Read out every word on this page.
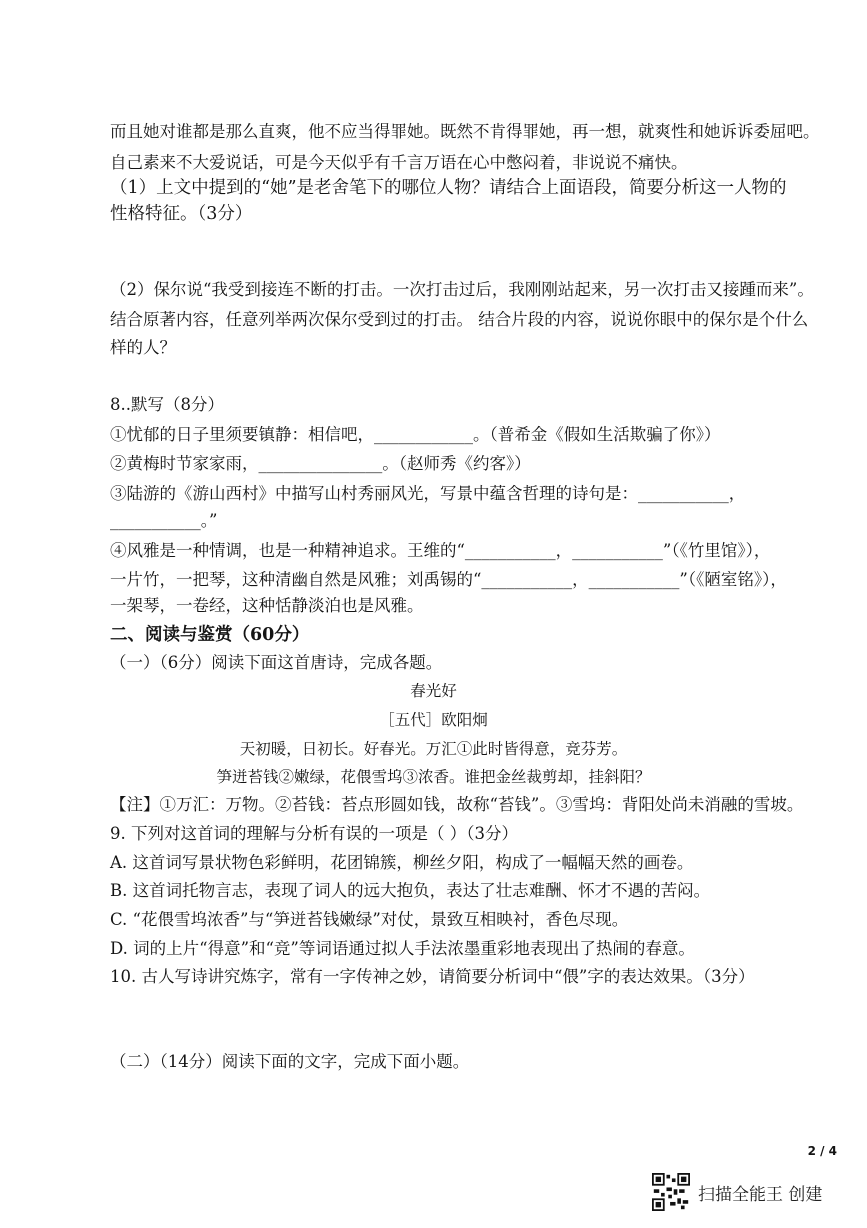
而且她对谁都是那么直爽，他不应当得罪她。既然不肯得罪她，再一想，就爽性和她诉诉委屈吧。
自己素来不大爱说话，可是今天似乎有千言万语在心中憋闷着，非说说不痛快。
（1）上文中提到的“她”是老舍笔下的哪位人物？请结合上面语段，简要分析这一人物的
性格特征。（3分）
（2）保尔说“我受到接连不断的打击。一次打击过后，我刚刚站起来，另一次打击又接踵而来”。
结合原著内容，任意列举两次保尔受到过的打击。 结合片段的内容，说说你眼中的保尔是个什么
样的人？
8..默写（8分）
①忧郁的日子里须要镇静：相信吧，____________。（普希金《假如生活欺骗了你》）
②黄梅时节家家雨，_______________。（赵师秀《约客》）
③陆游的《游山西村》中描写山村秀丽风光，写景中蕴含哲理的诗句是：___________，
___________。”
④风雅是一种情调，也是一种精神追求。王维的“___________，___________”（《竹里馆》），
一片竹，一把琴，这种清幽自然是风雅；刘禹锡的“___________，___________”（《陋室铭》），
一架琴，一卷经，这种恬静淡泊也是风雅。
二、阅读与鉴赏（60分）
（一）（6分）阅读下面这首唐诗，完成各题。
春光好
［五代］欧阳炯
天初暖，日初长。好春光。万汇①此时皆得意，竞芬芳。
笋迸苔钱②嫩绿，花偎雪坞③浓香。谁把金丝裁剪却，挂斜阳？
【注】①万汇：万物。②苔钱：苔点形圆如钱，故称“苔钱”。③雪坞：背阳处尚未消融的雪坡。
9. 下列对这首词的理解与分析有误的一项是（ ）（3分）
A. 这首词写景状物色彩鲜明，花团锦簇，柳丝夕阳，构成了一幅幅天然的画卷。
B. 这首词托物言志，表现了词人的远大抱负，表达了壮志难酬、怀才不遇的苦闷。
C. “花偎雪坞浓香”与“笋迸苔钱嫩绿”对仗，景致互相映衬，香色尽现。
D. 词的上片“得意”和“竞”等词语通过拟人手法浓墨重彩地表现出了热闹的春意。
10. 古人写诗讲究炼字，常有一字传神之妙，请简要分析词中“偎”字的表达效果。（3分）
（二）（14分）阅读下面的文字，完成下面小题。
2 / 4
扫描全能王 创建
